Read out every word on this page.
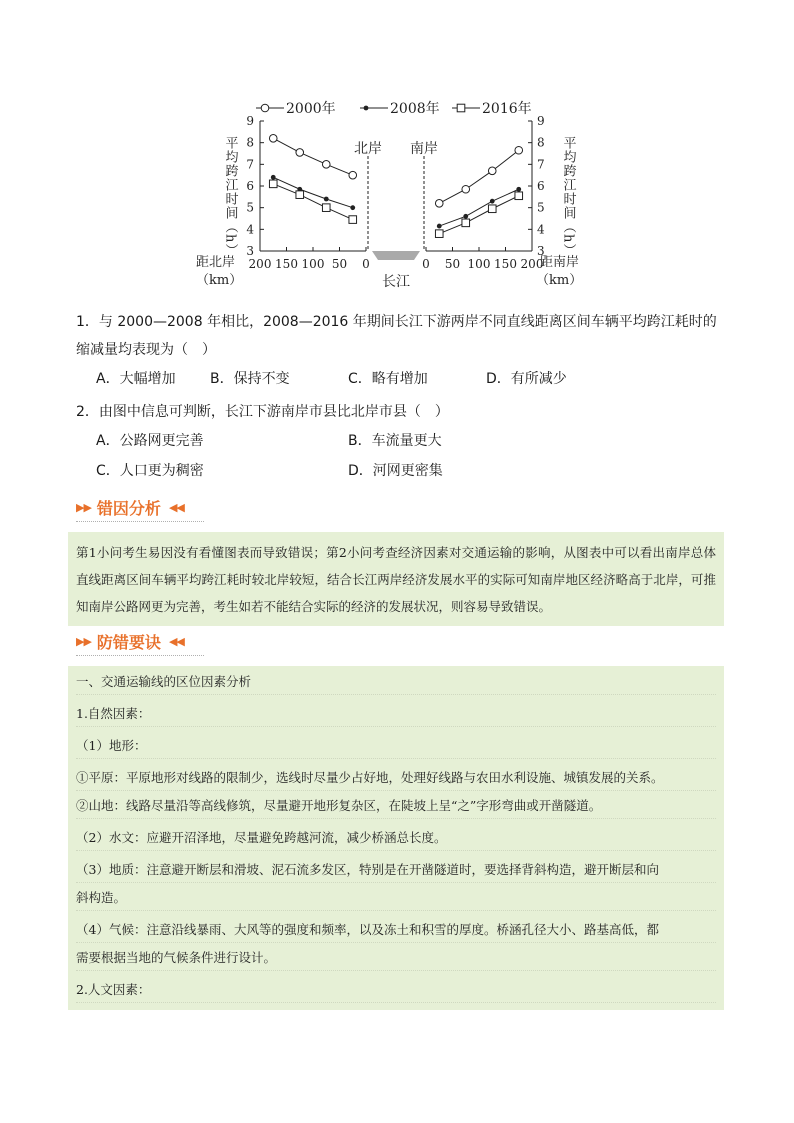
2000年	2008年	2016年
3
4
5
6
7
8
9
3
4
5
6
7
8
9
平均跨江时间（h）	平均跨江时间（h）
200 150 100 50 0	0 50 100 150 200
距北岸
（km）
距南岸
（km）
北岸 南岸
长江
1．与 2000—2008 年相比，2008—2016 年期间长江下游两岸不同直线距离区间车辆平均跨江耗时的缩减量均表现为（　）
A．大幅增加 B．保持不变	C．略有增加	D．有所减少
2．由图中信息可判断，长江下游南岸市县比北岸市县（　）
A．公路网更完善	B．车流量更大
C．人口更为稠密	D．河网更密集
▶▶ 错因分析 ◀◀
第1小问考生易因没有看懂图表而导致错误；第2小问考查经济因素对交通运输的影响，从图表中可以看出南岸总体直线距离区间车辆平均跨江耗时较北岸较短，结合长江两岸经济发展水平的实际可知南岸地区经济略高于北岸，可推知南岸公路网更为完善，考生如若不能结合实际的经济的发展状况，则容易导致错误。
▶▶ 防错要诀 ◀◀
一、交通运输线的区位因素分析
1.自然因素：
（1）地形：
①平原：平原地形对线路的限制少，选线时尽量少占好地，处理好线路与农田水利设施、城镇发展的关系。
②山地：线路尽量沿等高线修筑，尽量避开地形复杂区，在陡坡上呈“之”字形弯曲或开凿隧道。
（2）水文：应避开沼泽地，尽量避免跨越河流，减少桥涵总长度。
（3）地质：注意避开断层和滑坡、泥石流多发区，特别是在开凿隧道时，要选择背斜构造，避开断层和向
斜构造。
（4）气候：注意沿线暴雨、大风等的强度和频率，以及冻土和积雪的厚度。桥涵孔径大小、路基高低，都
需要根据当地的气候条件进行设计。
2.人文因素：
